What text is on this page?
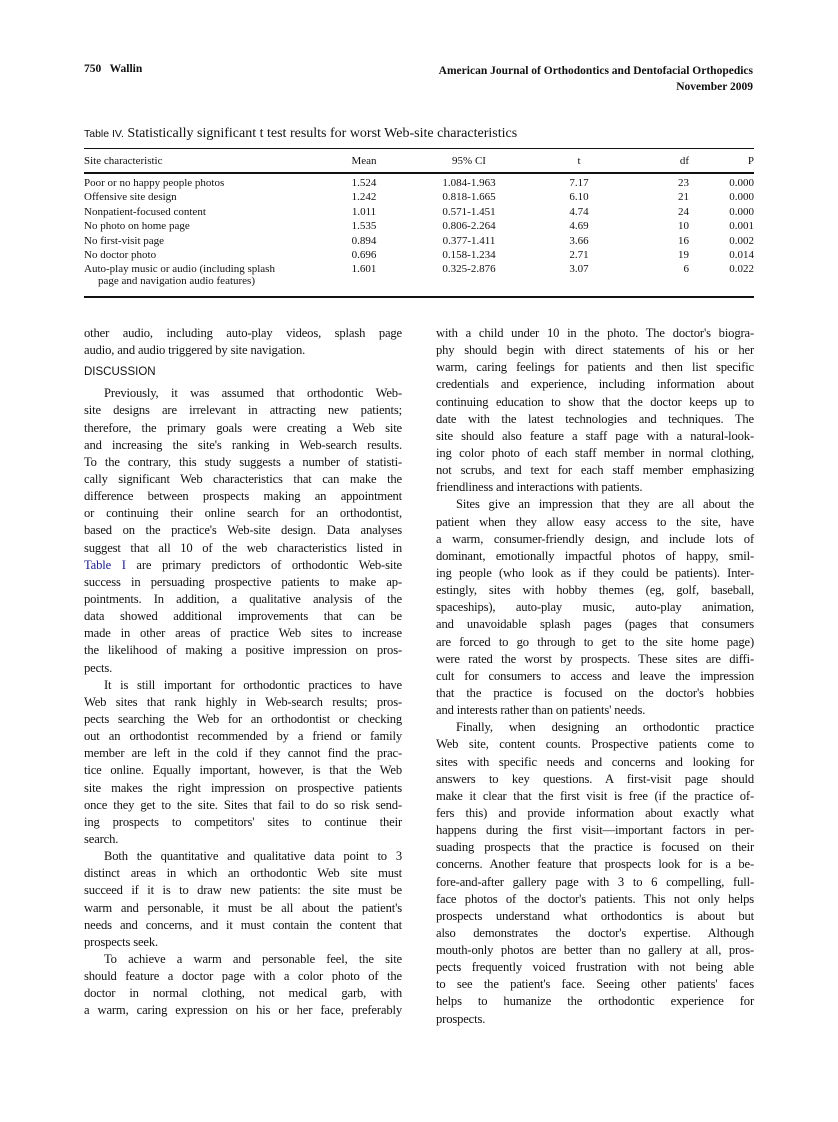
750 Wallin	American Journal of Orthodontics and Dentofacial Orthopedics
November 2009
Table IV. Statistically significant t test results for worst Web-site characteristics
Site characteristic	Mean	95% CI	t	df	P
Poor or no happy people photos	1.524	1.084-1.963	7.17	23	0.000
Offensive site design	1.242	0.818-1.665	6.10	21	0.000
Nonpatient-focused content	1.011	0.571-1.451	4.74	24	0.000
No photo on home page	1.535	0.806-2.264	4.69	10	0.001
No first-visit page	0.894	0.377-1.411	3.66	16	0.002
No doctor photo	0.696	0.158-1.234	2.71	19	0.014
Auto-play music or audio (including splash
page and navigation audio features)	1.601	0.325-2.876	3.07	6	0.022
other audio, including auto-play videos, splash page
audio, and audio triggered by site navigation.
DISCUSSION
Previously, it was assumed that orthodontic Web-
site designs are irrelevant in attracting new patients;
therefore, the primary goals were creating a Web site
and increasing the site's ranking in Web-search results.
To the contrary, this study suggests a number of statisti-
cally significant Web characteristics that can make the
difference between prospects making an appointment
or continuing their online search for an orthodontist,
based on the practice's Web-site design. Data analyses
suggest that all 10 of the web characteristics listed in
Table I are primary predictors of orthodontic Web-site
success in persuading prospective patients to make ap-
pointments. In addition, a qualitative analysis of the
data showed additional improvements that can be
made in other areas of practice Web sites to increase
the likelihood of making a positive impression on pros-
pects.
It is still important for orthodontic practices to have
Web sites that rank highly in Web-search results; pros-
pects searching the Web for an orthodontist or checking
out an orthodontist recommended by a friend or family
member are left in the cold if they cannot find the prac-
tice online. Equally important, however, is that the Web
site makes the right impression on prospective patients
once they get to the site. Sites that fail to do so risk send-
ing prospects to competitors' sites to continue their
search.
Both the quantitative and qualitative data point to 3
distinct areas in which an orthodontic Web site must
succeed if it is to draw new patients: the site must be
warm and personable, it must be all about the patient's
needs and concerns, and it must contain the content that
prospects seek.
To achieve a warm and personable feel, the site
should feature a doctor page with a color photo of the
doctor in normal clothing, not medical garb, with
a warm, caring expression on his or her face, preferably
with a child under 10 in the photo. The doctor's biogra-
phy should begin with direct statements of his or her
warm, caring feelings for patients and then list specific
credentials and experience, including information about
continuing education to show that the doctor keeps up to
date with the latest technologies and techniques. The
site should also feature a staff page with a natural-look-
ing color photo of each staff member in normal clothing,
not scrubs, and text for each staff member emphasizing
friendliness and interactions with patients.
Sites give an impression that they are all about the
patient when they allow easy access to the site, have
a warm, consumer-friendly design, and include lots of
dominant, emotionally impactful photos of happy, smil-
ing people (who look as if they could be patients). Inter-
estingly, sites with hobby themes (eg, golf, baseball,
spaceships), auto-play music, auto-play animation,
and unavoidable splash pages (pages that consumers
are forced to go through to get to the site home page)
were rated the worst by prospects. These sites are diffi-
cult for consumers to access and leave the impression
that the practice is focused on the doctor's hobbies
and interests rather than on patients' needs.
Finally, when designing an orthodontic practice
Web site, content counts. Prospective patients come to
sites with specific needs and concerns and looking for
answers to key questions. A first-visit page should
make it clear that the first visit is free (if the practice of-
fers this) and provide information about exactly what
happens during the first visit—important factors in per-
suading prospects that the practice is focused on their
concerns. Another feature that prospects look for is a be-
fore-and-after gallery page with 3 to 6 compelling, full-
face photos of the doctor's patients. This not only helps
prospects understand what orthodontics is about but
also demonstrates the doctor's expertise. Although
mouth-only photos are better than no gallery at all, pros-
pects frequently voiced frustration with not being able
to see the patient's face. Seeing other patients' faces
helps to humanize the orthodontic experience for
prospects.
